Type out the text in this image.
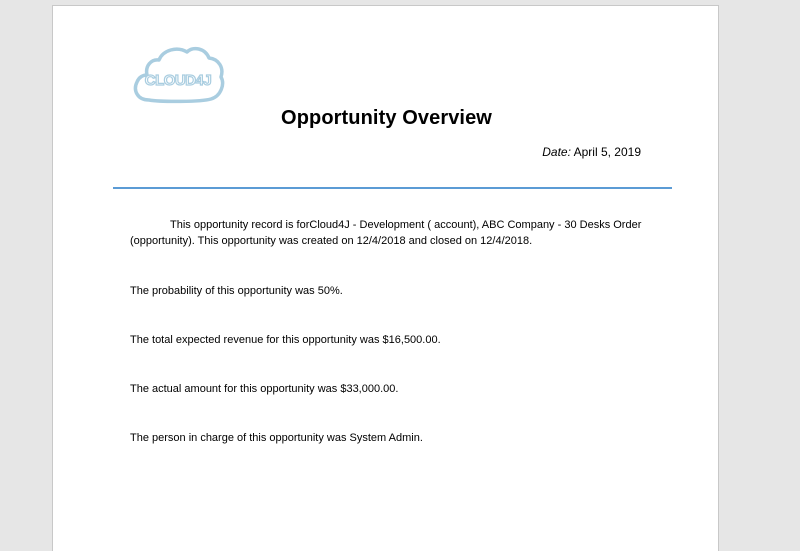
CLOUD4J
Opportunity Overview
Date: April 5, 2019
This opportunity record is forCloud4J - Development ( account), ABC Company - 30 Desks Order (opportunity). This opportunity was created on 12/4/2018 and closed on 12/4/2018.
The probability of this opportunity was 50%.
The total expected revenue for this opportunity was $16,500.00.
The actual amount for this opportunity was $33,000.00.
The person in charge of this opportunity was System Admin.
